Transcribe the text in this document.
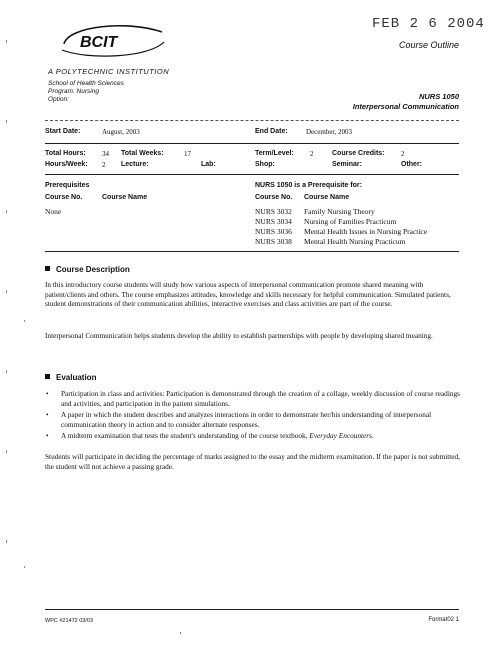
FEB 2 6 2004
BCIT	Course Outline
A POLYTECHNIC INSTITUTION
School of Health Sciences
Program: Nursing
Option:	NURS 1050
Interpersonal Communication
Start Date:	August, 2003	End Date:	December, 2003
Total Hours: 34 Total Weeks:	17	Term/Level: 2	Course Credits: 2
Hours/Week: 2 Lecture:	Lab:	Shop:	Seminar:	Other:
Prerequisites
Course No.	Course Name
None
NURS 1050 is a Prerequisite for:
Course No. Course Name
NURS 3032 Family Nursing Theory
NURS 3034 Nursing of Families Practicum
NURS 3036 Mental Health Issues in Nursing Practice
NURS 3038 Mental Health Nursing Practicum
Course Description
In this introductory course students will study how various aspects of interpersonal communication promote shared meaning with patient/clients and others. The course emphasizes attitudes, knowledge and skills necessary for helpful communication. Simulated patients, student demonstrations of their communication abilities, interactive exercises and class activities are part of the course.
Interpersonal Communication helps students develop the ability to establish partnerships with people by developing shared meaning.
Evaluation
• Participation in class and activities: Participation is demonstrated through the creation of a collage, weekly discussion of course readings and activities, and participation in the patient simulations.
• A paper in which the student describes and analyzes interactions in order to demonstrate her/his understanding of interpersonal communication theory in action and to consider alternate responses.
• A midterm examination that tests the student's understanding of the course textbook, Everyday Encounters.
Students will participate in deciding the percentage of marks assigned to the essay and the midterm examination. If the paper is not submitted, the student will not achieve a passing grade.
WPC #21472 03/03	Format02 1
